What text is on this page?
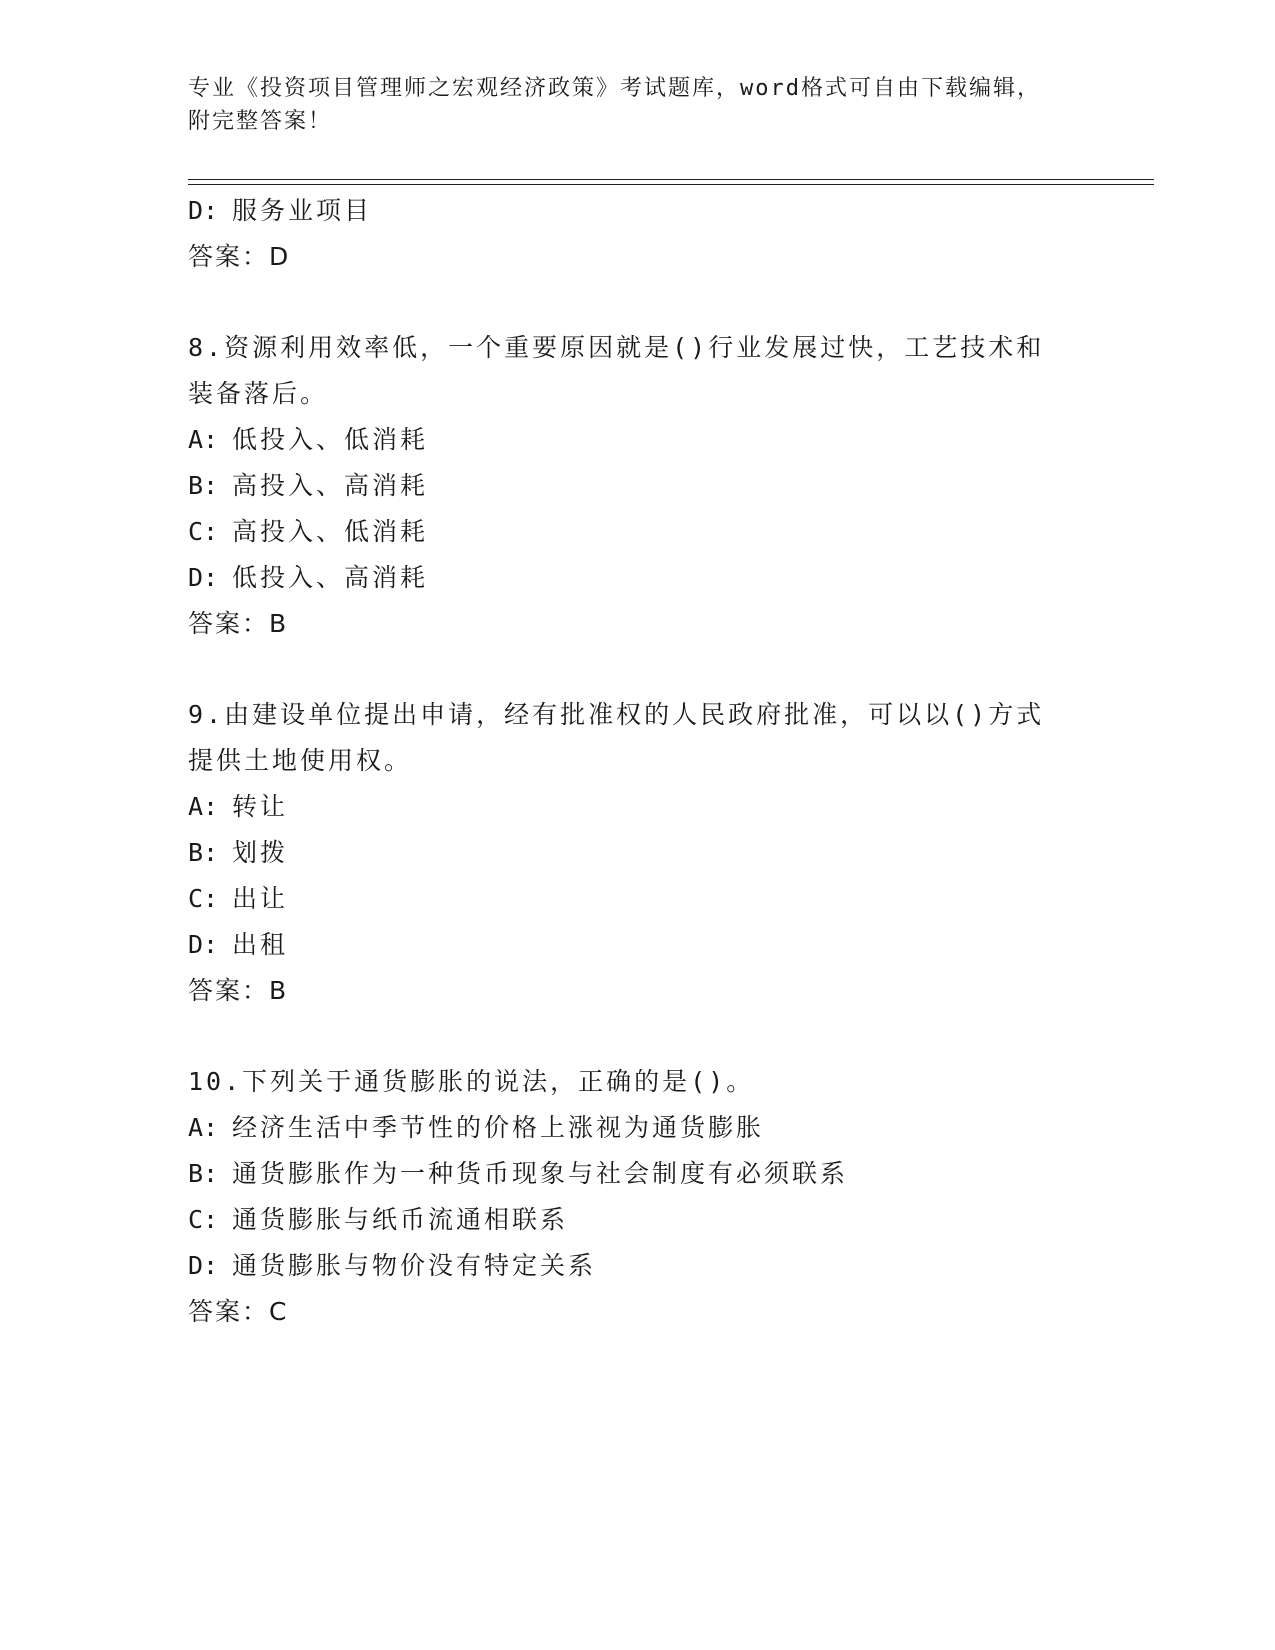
专业《投资项目管理师之宏观经济政策》考试题库，word格式可自由下载编辑，
附完整答案！
D: 服务业项目
答案：D
8.资源利用效率低，一个重要原因就是()行业发展过快，工艺技术和
装备落后。
A: 低投入、低消耗
B: 高投入、高消耗
C: 高投入、低消耗
D: 低投入、高消耗
答案：B
9.由建设单位提出申请，经有批准权的人民政府批准，可以以()方式
提供土地使用权。
A: 转让
B: 划拨
C: 出让
D: 出租
答案：B
10.下列关于通货膨胀的说法，正确的是()。
A: 经济生活中季节性的价格上涨视为通货膨胀
B: 通货膨胀作为一种货币现象与社会制度有必须联系
C: 通货膨胀与纸币流通相联系
D: 通货膨胀与物价没有特定关系
答案：C
